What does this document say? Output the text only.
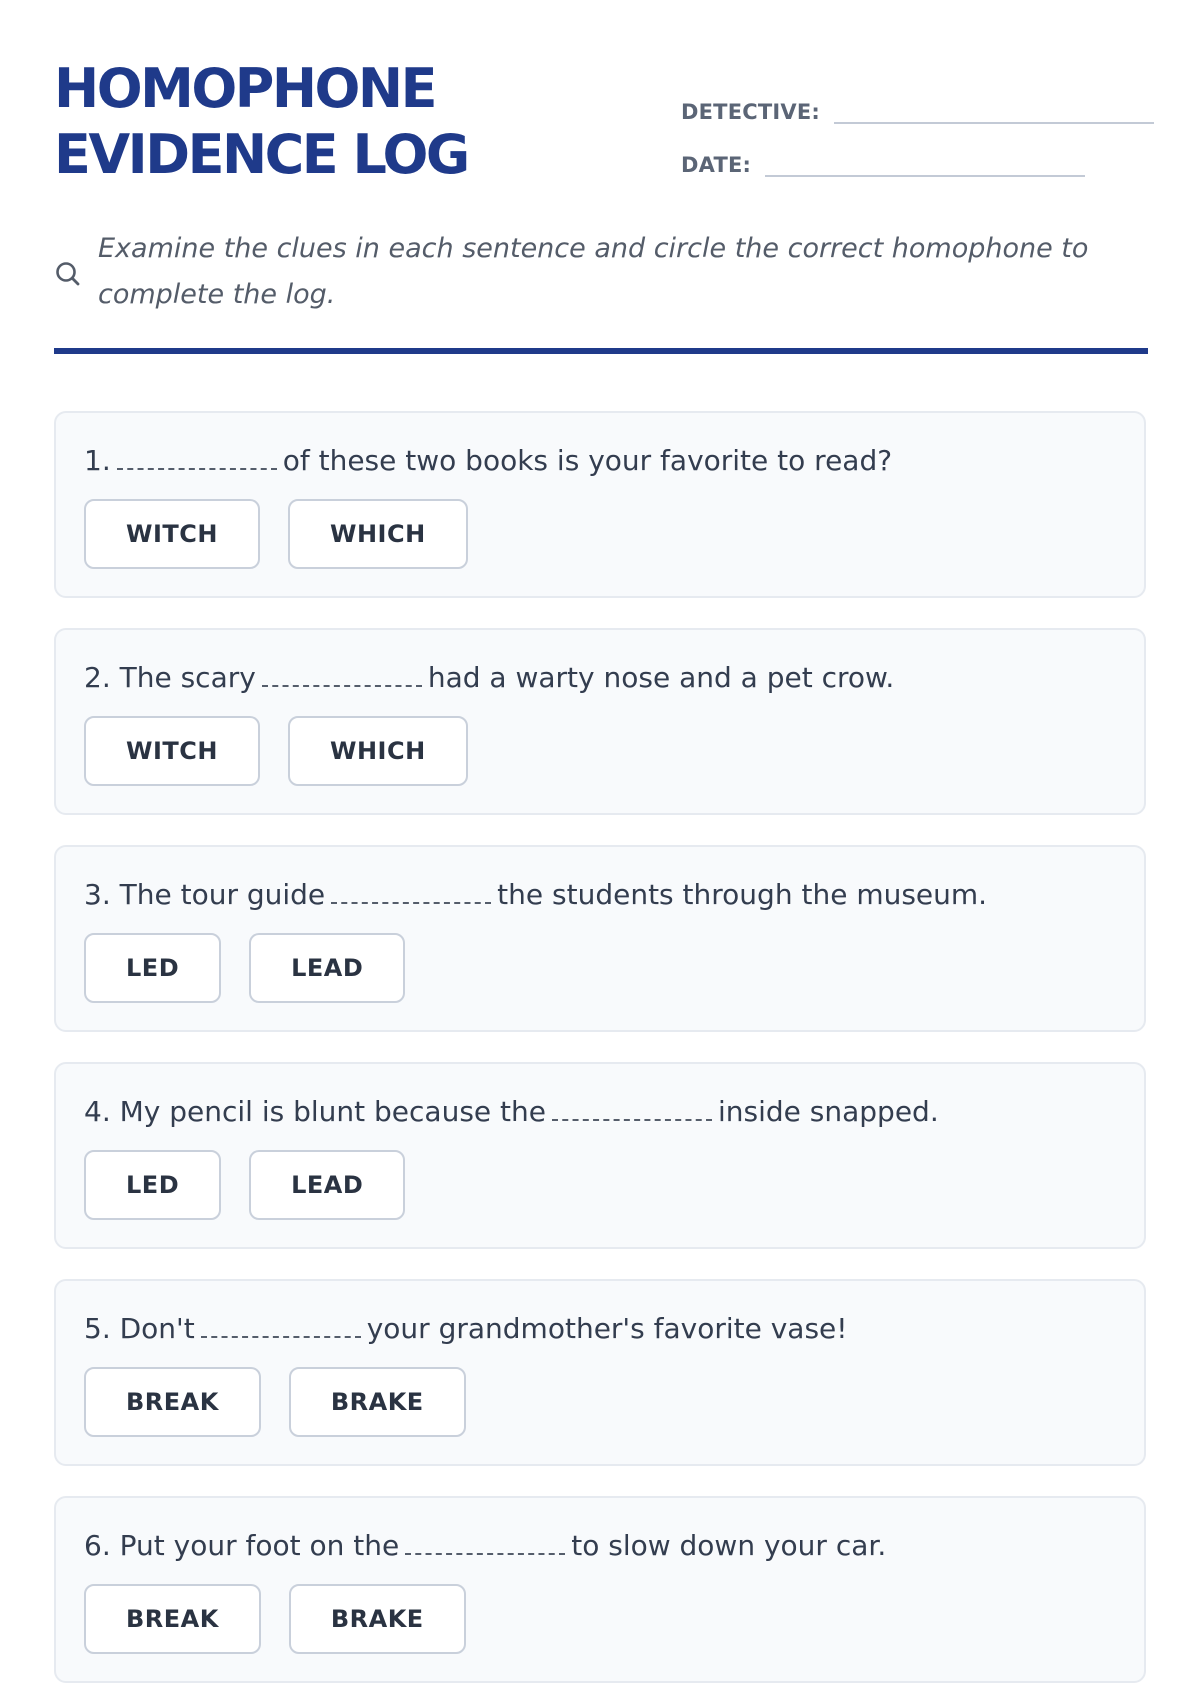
HOMOPHONE
EVIDENCE LOG
DETECTIVE:
DATE:

Examine the clues in each sentence and circle the correct homophone to complete the log.

1.	of these two books is your favorite to read?

WITCH	WHICH

2. The scary	had a warty nose and a pet crow.

WITCH	WHICH

3. The tour guide	the students through the museum.

LED	LEAD

4. My pencil is blunt because the	inside snapped.

LED	LEAD

5. Don't	your grandmother's favorite vase!

BREAK	BRAKE

6. Put your foot on the	to slow down your car.

BREAK	BRAKE
